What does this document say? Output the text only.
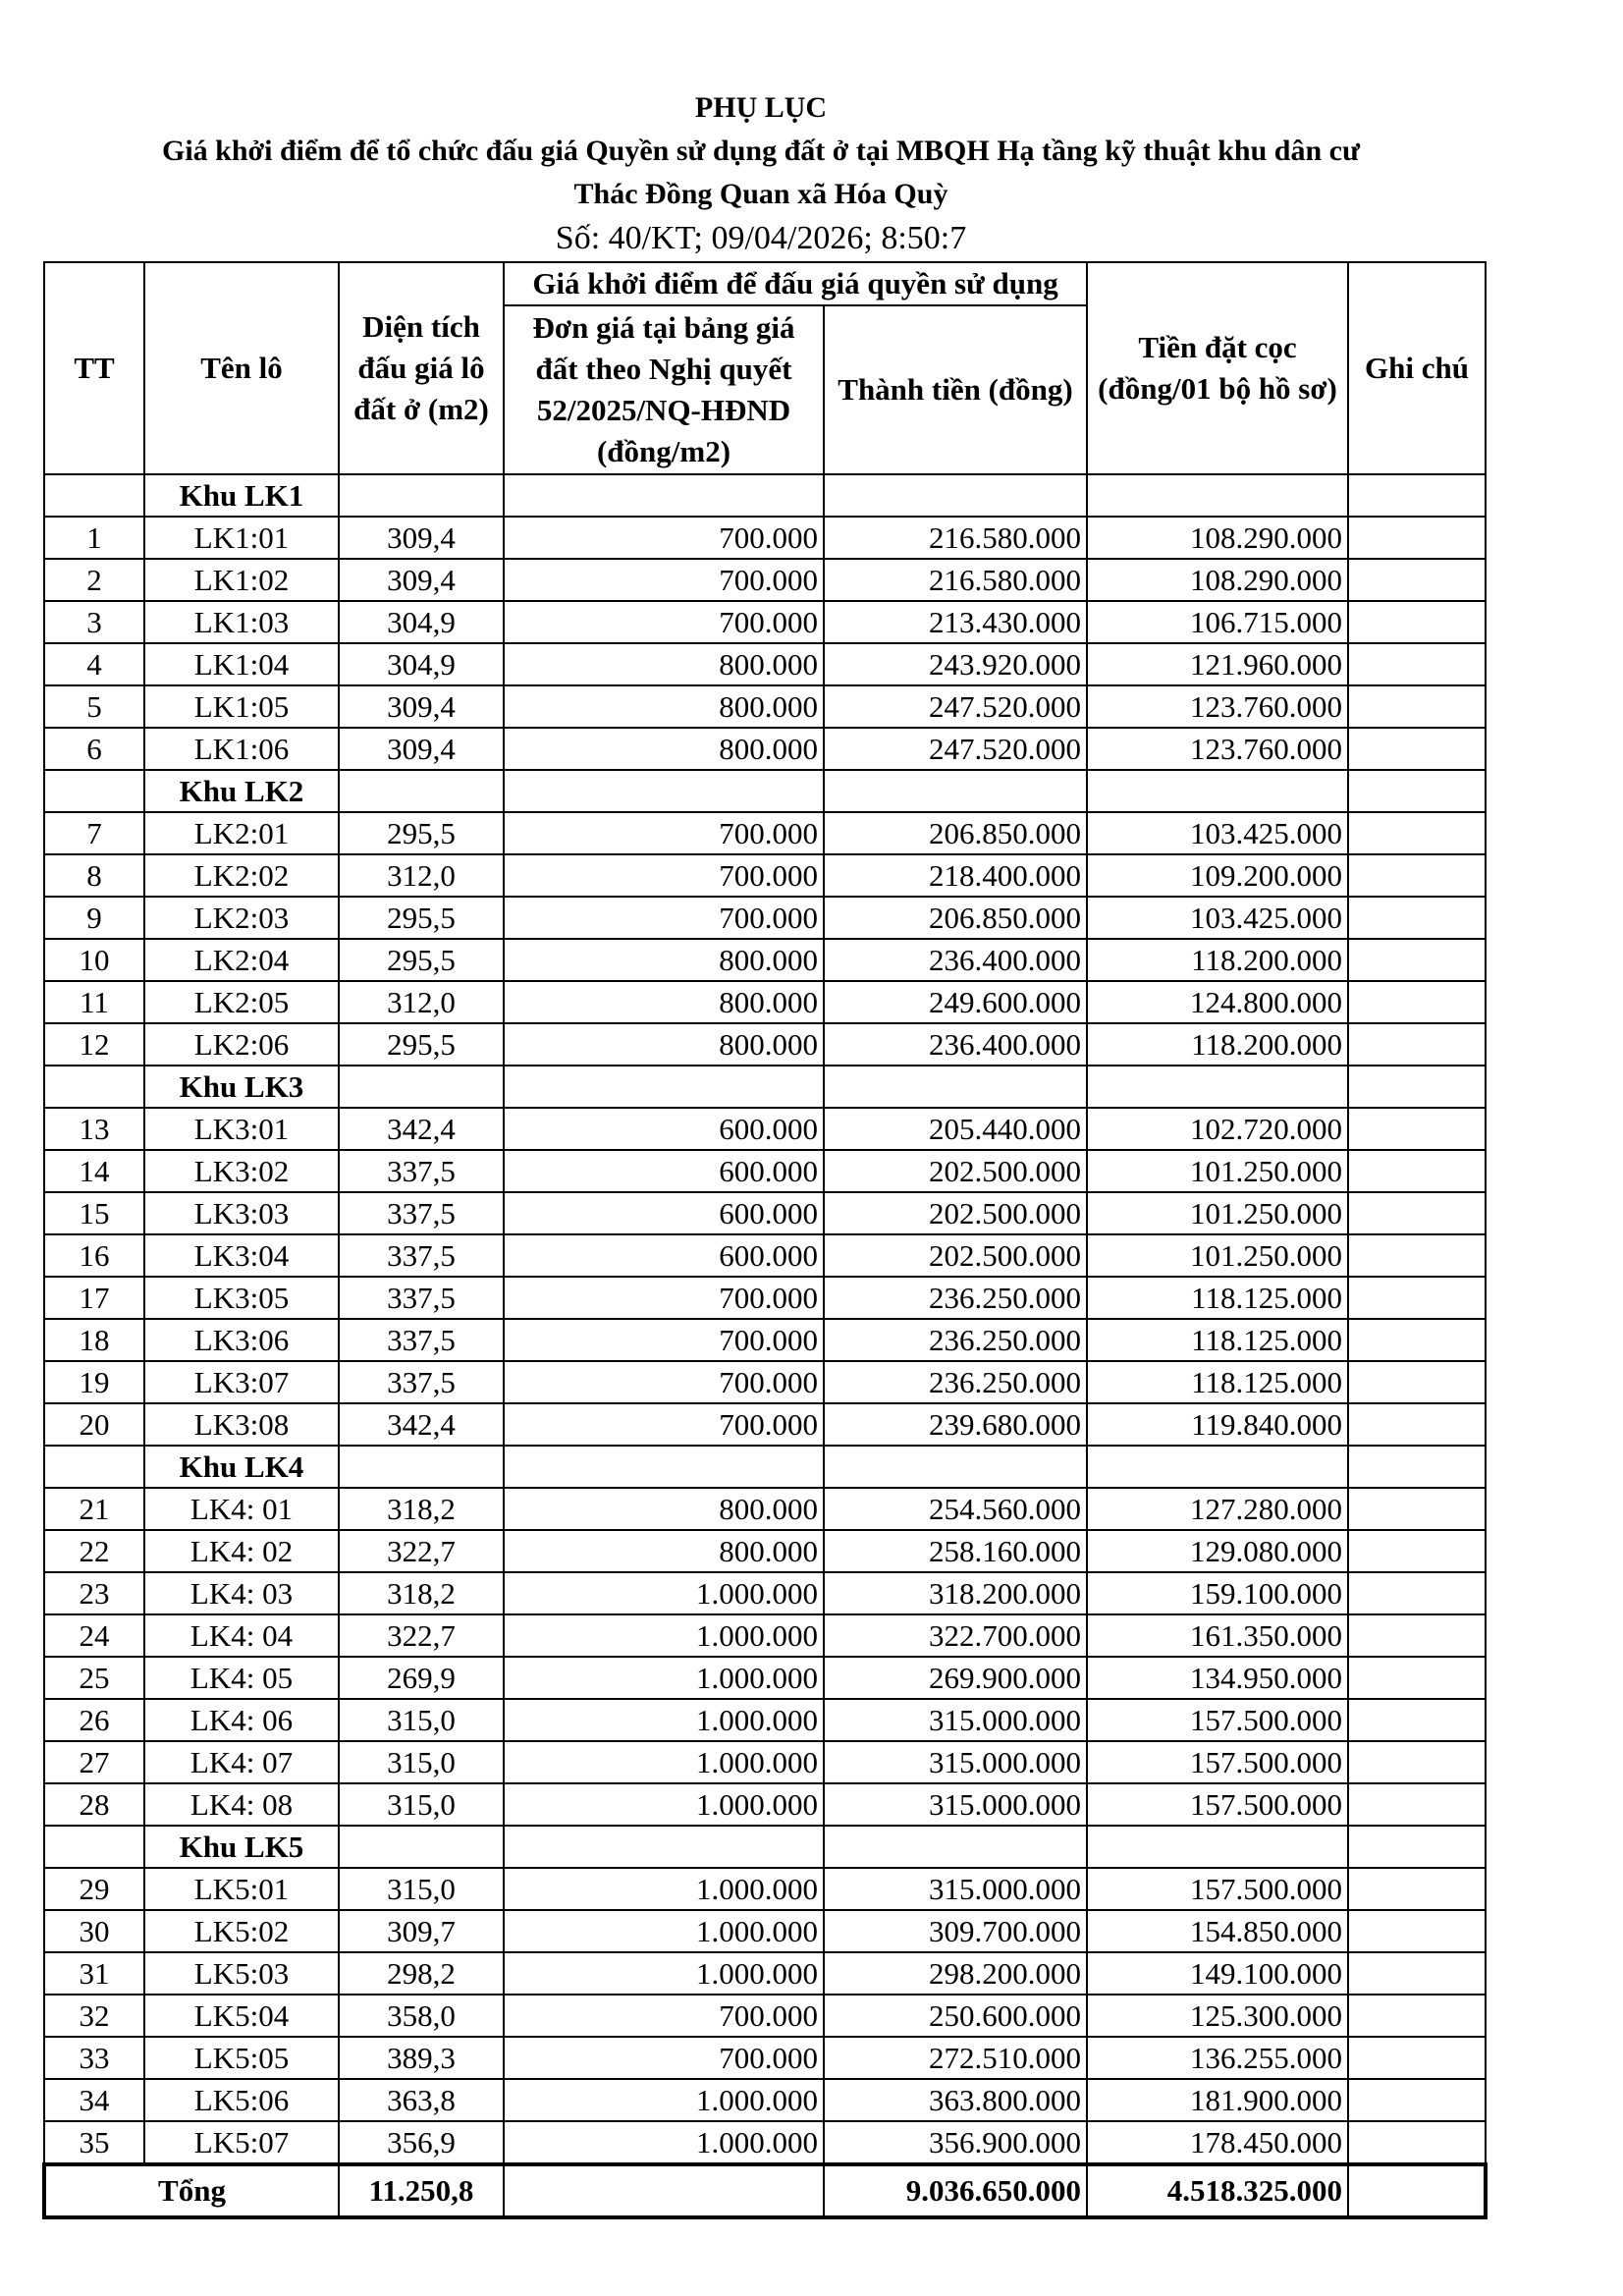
PHỤ LỤC
Giá khởi điểm để tổ chức đấu giá Quyền sử dụng đất ở tại MBQH Hạ tầng kỹ thuật khu dân cư
Thác Đồng Quan xã Hóa Quỳ
Số: 40/KT; 09/04/2026; 8:50:7
TT	Tên lô	Diện tích đấu giá lô đất ở (m2)	Giá khởi điểm để đấu giá quyền sử dụng		Tiền đặt cọc (đồng/01 bộ hồ sơ)	Ghi chú
			Đơn giá tại bảng giá đất theo Nghị quyết 52/2025/NQ-HĐND (đồng/m2)	Thành tiền (đồng)		
	Khu LK1					
1	LK1:01	309,4	700.000	216.580.000	108.290.000	
2	LK1:02	309,4	700.000	216.580.000	108.290.000	
3	LK1:03	304,9	700.000	213.430.000	106.715.000	
4	LK1:04	304,9	800.000	243.920.000	121.960.000	
5	LK1:05	309,4	800.000	247.520.000	123.760.000	
6	LK1:06	309,4	800.000	247.520.000	123.760.000	
	Khu LK2					
7	LK2:01	295,5	700.000	206.850.000	103.425.000	
8	LK2:02	312,0	700.000	218.400.000	109.200.000	
9	LK2:03	295,5	700.000	206.850.000	103.425.000	
10	LK2:04	295,5	800.000	236.400.000	118.200.000	
11	LK2:05	312,0	800.000	249.600.000	124.800.000	
12	LK2:06	295,5	800.000	236.400.000	118.200.000	
	Khu LK3					
13	LK3:01	342,4	600.000	205.440.000	102.720.000	
14	LK3:02	337,5	600.000	202.500.000	101.250.000	
15	LK3:03	337,5	600.000	202.500.000	101.250.000	
16	LK3:04	337,5	600.000	202.500.000	101.250.000	
17	LK3:05	337,5	700.000	236.250.000	118.125.000	
18	LK3:06	337,5	700.000	236.250.000	118.125.000	
19	LK3:07	337,5	700.000	236.250.000	118.125.000	
20	LK3:08	342,4	700.000	239.680.000	119.840.000	
	Khu LK4					
21	LK4: 01	318,2	800.000	254.560.000	127.280.000	
22	LK4: 02	322,7	800.000	258.160.000	129.080.000	
23	LK4: 03	318,2	1.000.000	318.200.000	159.100.000	
24	LK4: 04	322,7	1.000.000	322.700.000	161.350.000	
25	LK4: 05	269,9	1.000.000	269.900.000	134.950.000	
26	LK4: 06	315,0	1.000.000	315.000.000	157.500.000	
27	LK4: 07	315,0	1.000.000	315.000.000	157.500.000	
28	LK4: 08	315,0	1.000.000	315.000.000	157.500.000	
	Khu LK5					
29	LK5:01	315,0	1.000.000	315.000.000	157.500.000	
30	LK5:02	309,7	1.000.000	309.700.000	154.850.000	
31	LK5:03	298,2	1.000.000	298.200.000	149.100.000	
32	LK5:04	358,0	700.000	250.600.000	125.300.000	
33	LK5:05	389,3	700.000	272.510.000	136.255.000	
34	LK5:06	363,8	1.000.000	363.800.000	181.900.000	
35	LK5:07	356,9	1.000.000	356.900.000	178.450.000	
Tổng		11.250,8		9.036.650.000	4.518.325.000	
